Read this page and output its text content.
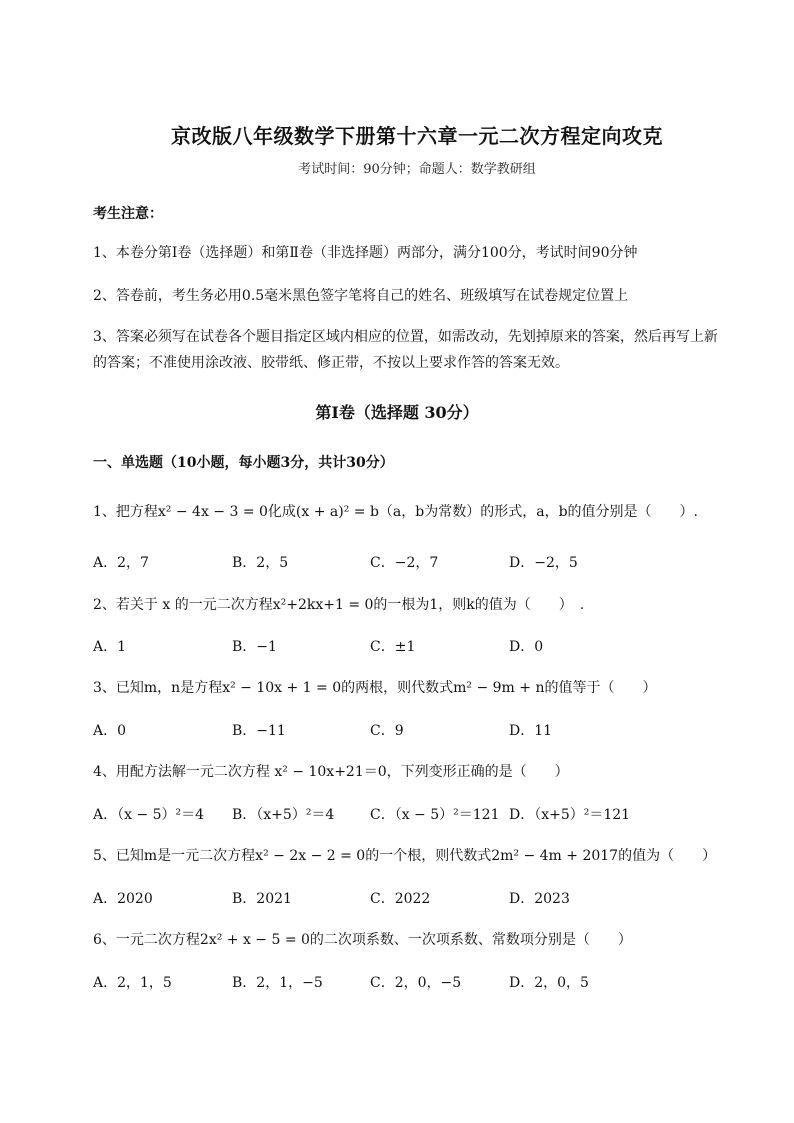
京改版八年级数学下册第十六章一元二次方程定向攻克
考试时间：90分钟；命题人：数学教研组
考生注意：
1、本卷分第I卷（选择题）和第Ⅱ卷（非选择题）两部分，满分100分，考试时间90分钟
2、答卷前，考生务必用0.5毫米黑色签字笔将自己的姓名、班级填写在试卷规定位置上
3、答案必须写在试卷各个题目指定区域内相应的位置，如需改动，先划掉原来的答案，然后再写上新
的答案；不准使用涂改液、胶带纸、修正带，不按以上要求作答的答案无效。
第I卷（选择题 30分）
一、单选题（10小题，每小题3分，共计30分）
1、把方程x² − 4x − 3 = 0化成(x + a)² = b（a，b为常数）的形式，a，b的值分别是（　　）.
A．2，7	B．2，5	C．−2，7	D．−2，5
2、若关于 x 的一元二次方程x²+2kx+1 = 0的一根为1，则k的值为（　　）　.
A．1	B．−1	C．±1	D．0
3、已知m，n是方程x² − 10x + 1 = 0的两根，则代数式m² − 9m + n的值等于（　　）
A．0	B．−11	C．9	D．11
4、用配方法解一元二次方程 x² − 10x+21＝0，下列变形正确的是（　　）
A．（x − 5）²＝4 B．（x+5）²＝4	C．（x − 5）²＝121 D．（x+5）²＝121
5、已知m是一元二次方程x² − 2x − 2 = 0的一个根，则代数式2m² − 4m + 2017的值为（　　）
A．2020	B．2021	C．2022	D．2023
6、一元二次方程2x² + x − 5 = 0的二次项系数、一次项系数、常数项分别是（　　）
A．2，1，5	B．2，1，−5	C．2，0，−5	D．2，0，5
